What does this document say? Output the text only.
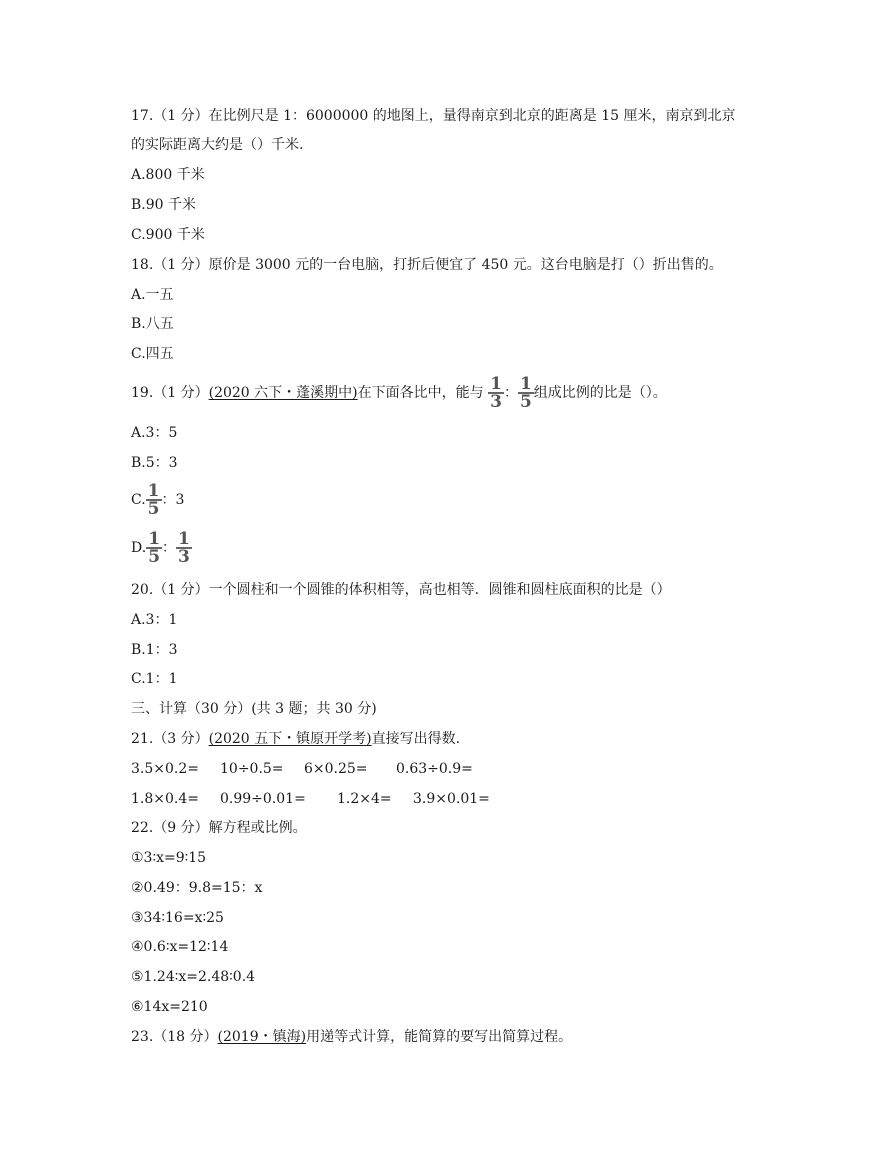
17.（1 分）在比例尺是 1：6000000 的地图上，量得南京到北京的距离是 15 厘米，南京到北京
的实际距离大约是（）千米.
A.800 千米
B.90 千米
C.900 千米
18.（1 分）原价是 3000 元的一台电脑，打折后便宜了 450 元。这台电脑是打（）折出售的。
A.一五
B.八五
C.四五
19.（1 分）(2020 六下・蓬溪期中)在下面各比中，能与 $\frac{1}{3}$ ： $\frac{1}{5}$ 组成比例的比是（）。
A.3：5
B.5：3
C. $\frac{1}{5}$ ：3
D. $\frac{1}{5}$ ： $\frac{1}{3}$
20.（1 分）一个圆柱和一个圆锥的体积相等，高也相等．圆锥和圆柱底面积的比是（）
A.3：1
B.1：3
C.1：1
三、计算（30 分）(共 3 题；共 30 分)
21.（3 分）(2020 五下・镇原开学考)直接写出得数.
3.5×0.2= 10÷0.5= 6×0.25= 0.63÷0.9=
1.8×0.4= 0.99÷0.01= 1.2×4= 3.9×0.01=
22.（9 分）解方程或比例。
①3∶x=9∶15
②0.49：9.8=15：x
③34∶16=x∶25
④0.6∶x=12∶14
⑤1.24∶x=2.48∶0.4
⑥14x=210
23.（18 分）(2019・镇海)用递等式计算，能简算的要写出简算过程。
